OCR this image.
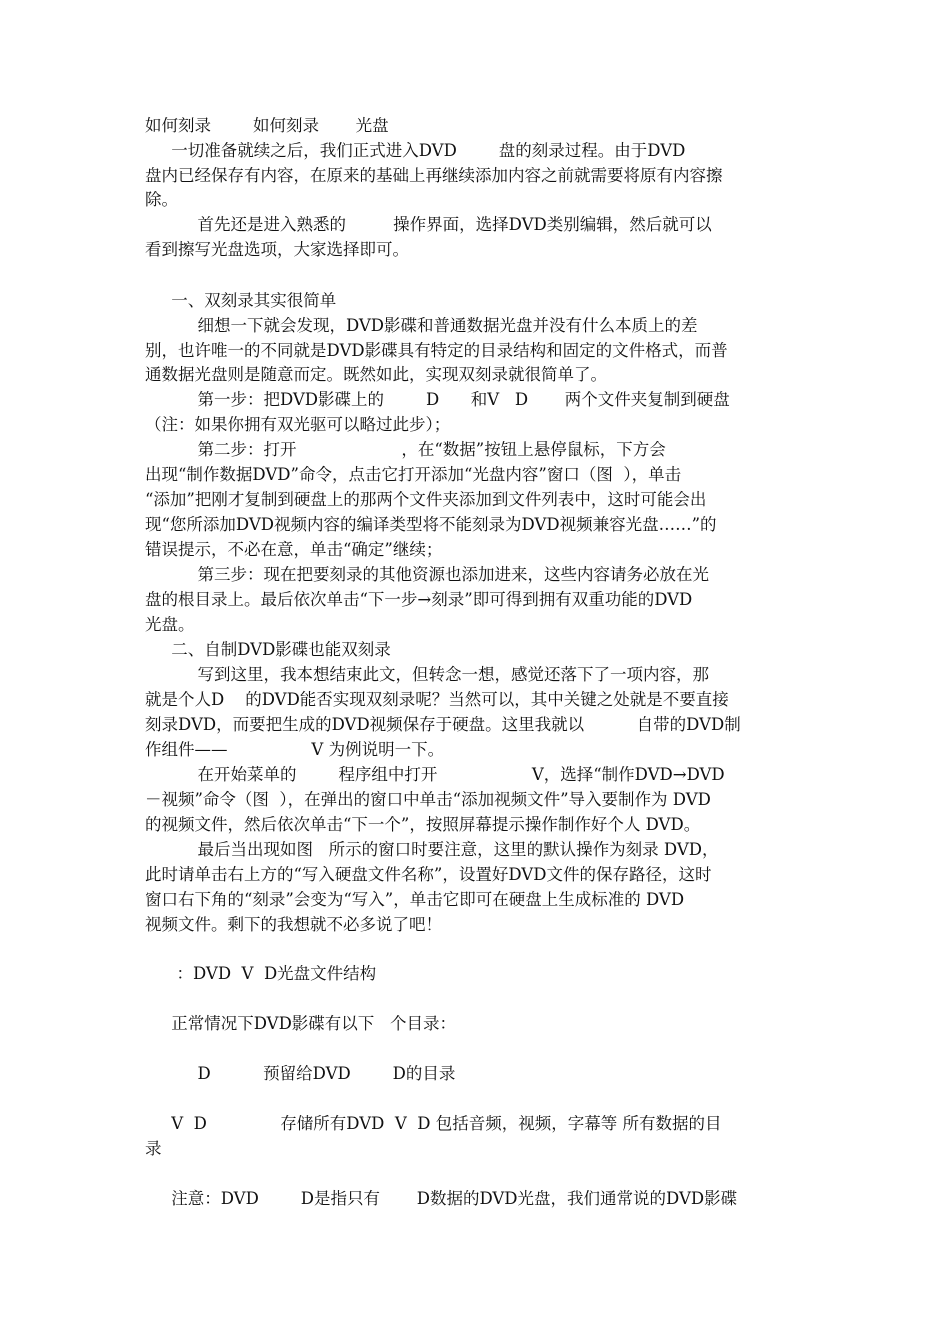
如何刻录        如何刻录       光盘
一切准备就续之后，我们正式进入DVD        盘的刻录过程。由于DVD
盘内已经保存有内容，在原来的基础上再继续添加内容之前就需要将原有内容擦
除。
首先还是进入熟悉的         操作界面，选择DVD类别编辑，然后就可以
看到擦写光盘选项，大家选择即可。
一、双刻录其实很简单
细想一下就会发现，DVD影碟和普通数据光盘并没有什么本质上的差
别，也许唯一的不同就是DVD影碟具有特定的目录结构和固定的文件格式，而普
通数据光盘则是随意而定。既然如此，实现双刻录就很简单了。
第一步：把DVD影碟上的        D      和V   D       两个文件夹复制到硬盘
（注：如果你拥有双光驱可以略过此步）；
第二步：打开                    ，在“数据”按钮上悬停鼠标，下方会
出现“制作数据DVD”命令，点击它打开添加“光盘内容”窗口（图  ），单击
“添加”把刚才复制到硬盘上的那两个文件夹添加到文件列表中，这时可能会出
现“您所添加DVD视频内容的编译类型将不能刻录为DVD视频兼容光盘……”的
错误提示，不必在意，单击“确定”继续；
第三步：现在把要刻录的其他资源也添加进来，这些内容请务必放在光
盘的根目录上。最后依次单击“下一步→刻录”即可得到拥有双重功能的DVD
光盘。
二、自制DVD影碟也能双刻录
写到这里，我本想结束此文，但转念一想，感觉还落下了一项内容，那
就是个人D    的DVD能否实现双刻录呢？当然可以，其中关键之处就是不要直接
刻录DVD，而要把生成的DVD视频保存于硬盘。这里我就以          自带的DVD制
作组件——                V 为例说明一下。
在开始菜单的        程序组中打开                  V，选择“制作DVD→DVD
－视频”命令（图  ），在弹出的窗口中单击“添加视频文件”导入要制作为 DVD
的视频文件，然后依次单击“下一个”，按照屏幕提示操作制作好个人 DVD。
最后当出现如图   所示的窗口时要注意，这里的默认操作为刻录 DVD，
此时请单击右上方的“写入硬盘文件名称”，设置好DVD文件的保存路径，这时
窗口右下角的“刻录”会变为“写入”，单击它即可在硬盘上生成标准的 DVD
视频文件。剩下的我想就不必多说了吧！
：DVD  V  D光盘文件结构
正常情况下DVD影碟有以下   个目录：
D          预留给DVD        D的目录
V  D              存储所有DVD  V  D 包括音频，视频，字幕等 所有数据的目
录
注意：DVD        D是指只有       D数据的DVD光盘，我们通常说的DVD影碟
